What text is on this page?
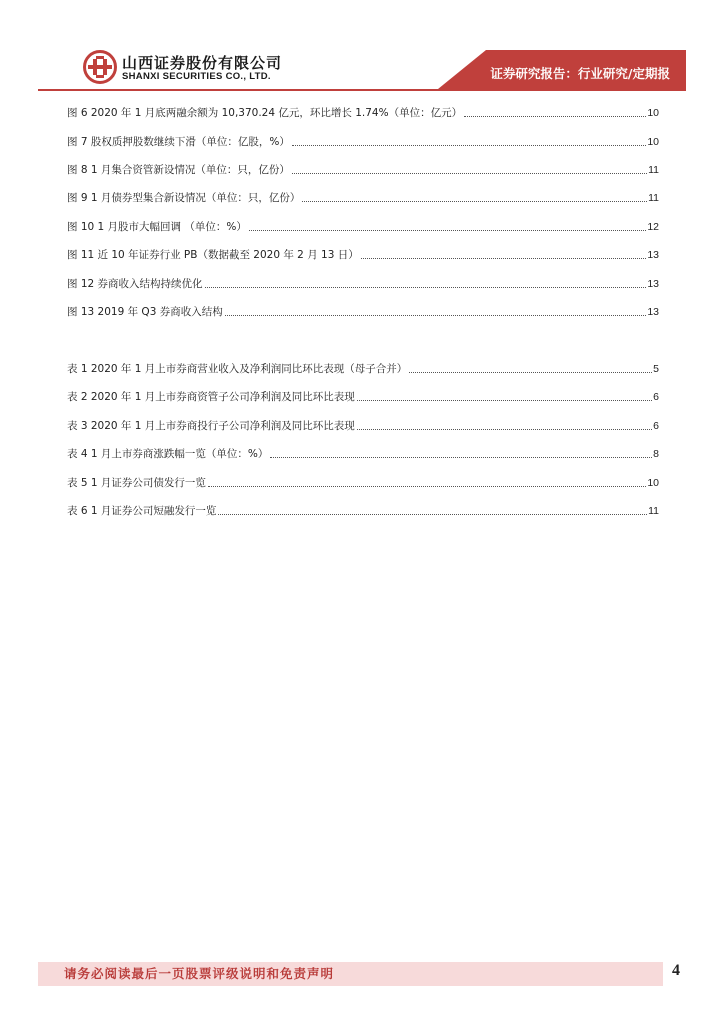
山西证券股份有限公司
SHANXI SECURITIES CO., LTD.	证券研究报告：行业研究/定期报
图 6 2020 年 1 月底两融余额为 10,370.24 亿元，环比增长 1.74%（单位：亿元）	10
图 7 股权质押股数继续下滑（单位：亿股，%）	10
图 8 1 月集合资管新设情况（单位：只，亿份）	11
图 9 1 月债券型集合新设情况（单位：只，亿份）	11
图 10 1 月股市大幅回调 （单位：%）	12
图 11 近 10 年证券行业 PB（数据截至 2020 年 2 月 13 日）	13
图 12 券商收入结构持续优化	13
图 13 2019 年 Q3 券商收入结构	13
表 1 2020 年 1 月上市券商营业收入及净利润同比环比表现（母子合并）	5
表 2 2020 年 1 月上市券商资管子公司净利润及同比环比表现	6
表 3 2020 年 1 月上市券商投行子公司净利润及同比环比表现	6
表 4 1 月上市券商涨跌幅一览（单位：%）	8
表 5 1 月证券公司债发行一览	10
表 6 1 月证券公司短融发行一览	11
请务必阅读最后一页股票评级说明和免责声明	4
